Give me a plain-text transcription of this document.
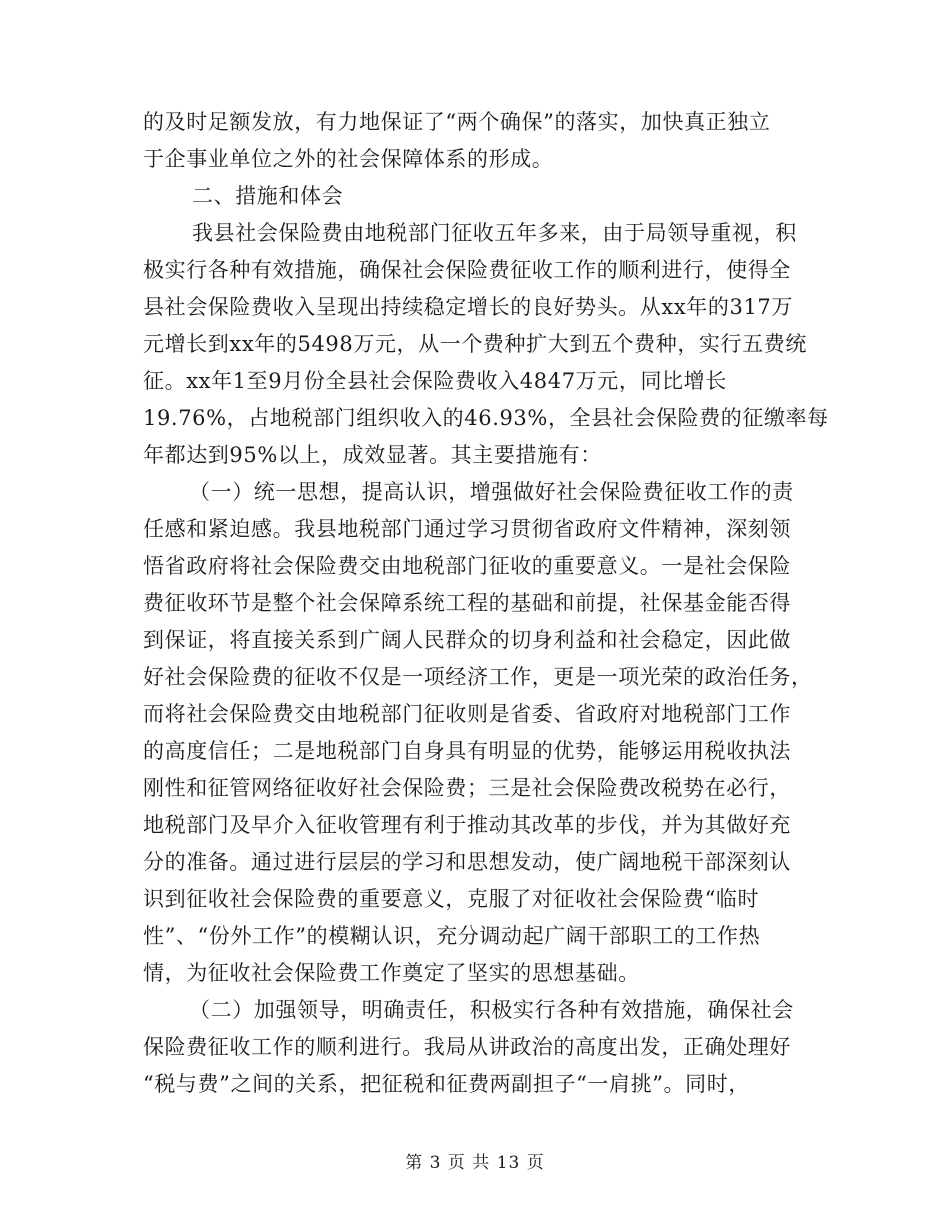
的及时足额发放，有力地保证了“两个确保”的落实，加快真正独立
于企事业单位之外的社会保障体系的形成。
二、措施和体会
我县社会保险费由地税部门征收五年多来，由于局领导重视，积
极实行各种有效措施，确保社会保险费征收工作的顺利进行，使得全
县社会保险费收入呈现出持续稳定增长的良好势头。从xx年的317万
元增长到xx年的5498万元，从一个费种扩大到五个费种，实行五费统
征。xx年1至9月份全县社会保险费收入4847万元，同比增长
19.76%，占地税部门组织收入的46.93%，全县社会保险费的征缴率每
年都达到95%以上，成效显著。其主要措施有：
（一）统一思想，提高认识，增强做好社会保险费征收工作的责
任感和紧迫感。我县地税部门通过学习贯彻省政府文件精神，深刻领
悟省政府将社会保险费交由地税部门征收的重要意义。一是社会保险
费征收环节是整个社会保障系统工程的基础和前提，社保基金能否得
到保证，将直接关系到广阔人民群众的切身利益和社会稳定，因此做
好社会保险费的征收不仅是一项经济工作，更是一项光荣的政治任务，
而将社会保险费交由地税部门征收则是省委、省政府对地税部门工作
的高度信任；二是地税部门自身具有明显的优势，能够运用税收执法
刚性和征管网络征收好社会保险费；三是社会保险费改税势在必行，
地税部门及早介入征收管理有利于推动其改革的步伐，并为其做好充
分的准备。通过进行层层的学习和思想发动，使广阔地税干部深刻认
识到征收社会保险费的重要意义，克服了对征收社会保险费“临时
性”、“份外工作”的模糊认识，充分调动起广阔干部职工的工作热
情，为征收社会保险费工作奠定了坚实的思想基础。
（二）加强领导，明确责任，积极实行各种有效措施，确保社会
保险费征收工作的顺利进行。我局从讲政治的高度出发，正确处理好
“税与费”之间的关系，把征税和征费两副担子“一肩挑”。同时，
第 3 页 共 13 页
